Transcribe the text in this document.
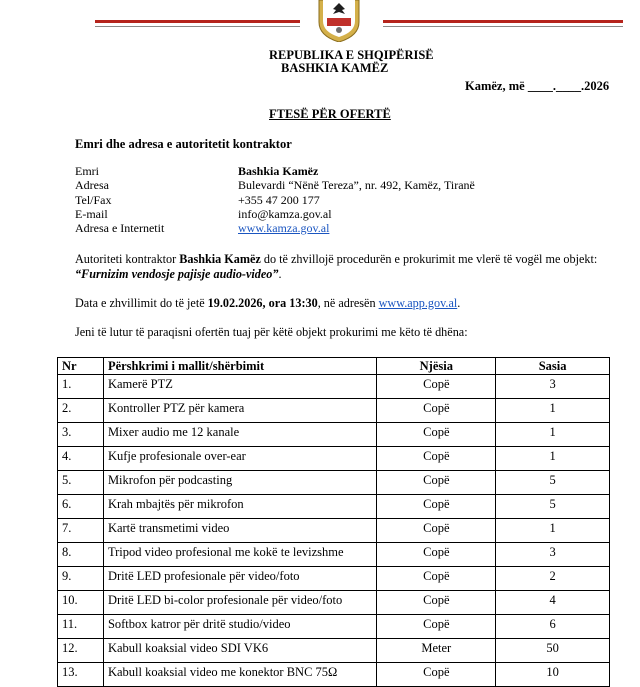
REPUBLIKA E SHQIPËRISË
BASHKIA KAMËZ
Kamëz, më ____.____.2026
FTESË PËR OFERTË
Emri dhe adresa e autoritetit kontraktor
Emri	Bashkia Kamëz
Adresa	Bulevardi “Nënë Tereza”, nr. 492, Kamëz, Tiranë
Tel/Fax	+355 47 200 177
E-mail	info@kamza.gov.al
Adresa e Internetit	www.kamza.gov.al
Autoriteti kontraktor Bashkia Kamëz do të zhvillojë procedurën e prokurimit me vlerë të vogël me objekt:
“Furnizim vendosje pajisje audio-video”.
Data e zhvillimit do të jetë 19.02.2026, ora 13:30, në adresën www.app.gov.al.
Jeni të lutur të paraqisni ofertën tuaj për këtë objekt prokurimi me këto të dhëna:
Nr	Përshkrimi i mallit/shërbimit	Njësia	Sasia
1.	Kamerë PTZ	Copë	3
2.	Kontroller PTZ për kamera	Copë	1
3.	Mixer audio me 12 kanale	Copë	1
4.	Kufje profesionale over-ear	Copë	1
5.	Mikrofon për podcasting	Copë	5
6.	Krah mbajtës për mikrofon	Copë	5
7.	Kartë transmetimi video	Copë	1
8.	Tripod video profesional me kokë te levizshme	Copë	3
9.	Dritë LED profesionale për video/foto	Copë	2
10.	Dritë LED bi-color profesionale për video/foto	Copë	4
11.	Softbox katror për dritë studio/video	Copë	6
12.	Kabull koaksial video SDI VK6	Meter	50
13.	Kabull koaksial video me konektor BNC 75Ω	Copë	10
